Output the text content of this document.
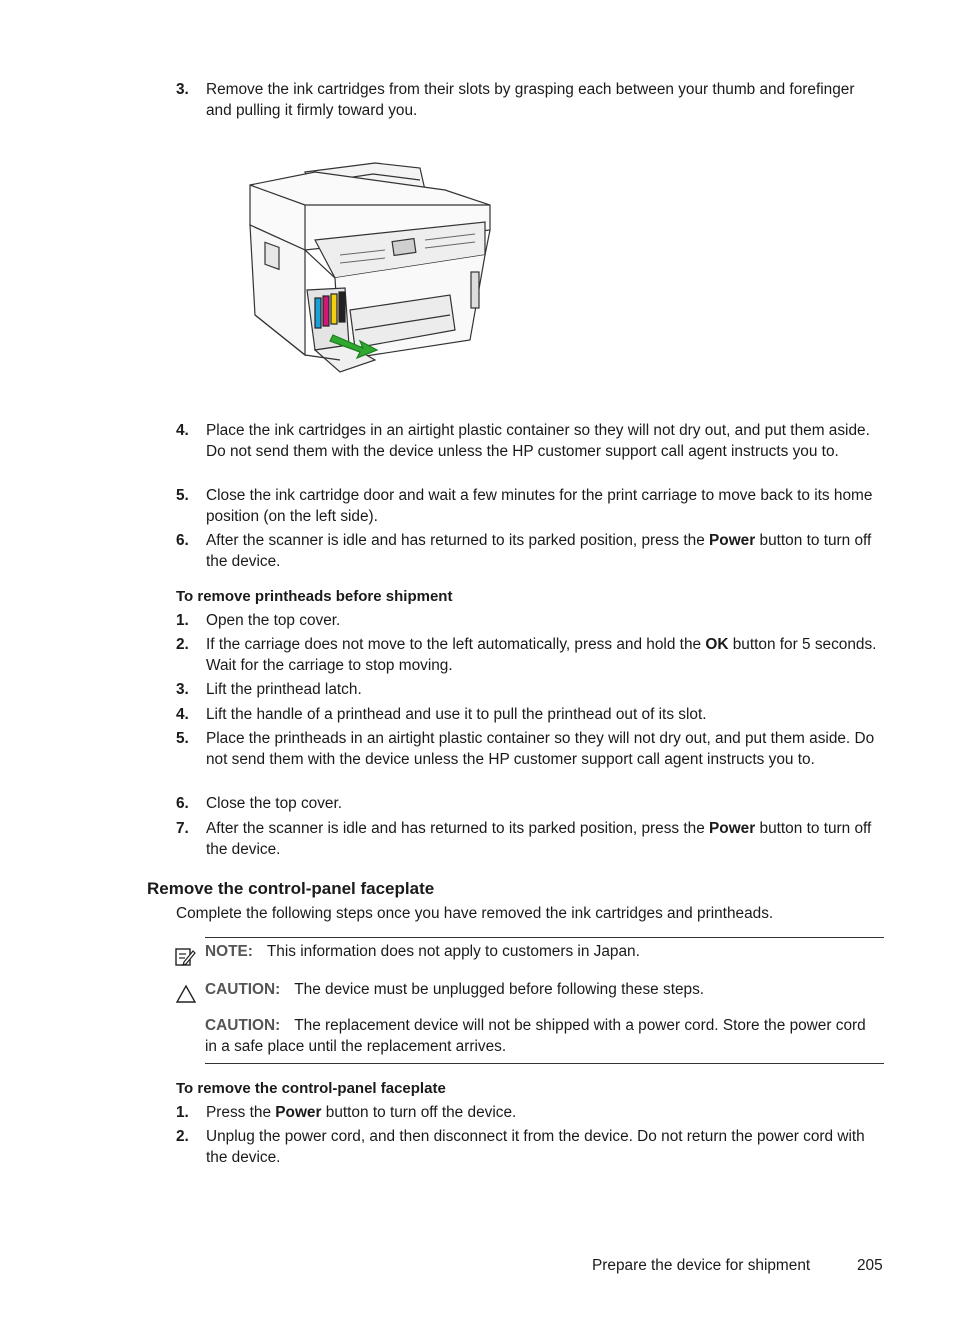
3. Remove the ink cartridges from their slots by grasping each between your thumb and forefinger and pulling it firmly toward you.
4. Place the ink cartridges in an airtight plastic container so they will not dry out, and put them aside. Do not send them with the device unless the HP customer support call agent instructs you to.
5. Close the ink cartridge door and wait a few minutes for the print carriage to move back to its home position (on the left side).
6. After the scanner is idle and has returned to its parked position, press the Power button to turn off the device.
To remove printheads before shipment
1. Open the top cover.
2. If the carriage does not move to the left automatically, press and hold the OK button for 5 seconds. Wait for the carriage to stop moving.
3. Lift the printhead latch.
4. Lift the handle of a printhead and use it to pull the printhead out of its slot.
5. Place the printheads in an airtight plastic container so they will not dry out, and put them aside. Do not send them with the device unless the HP customer support call agent instructs you to.
6. Close the top cover.
7. After the scanner is idle and has returned to its parked position, press the Power button to turn off the device.
Remove the control-panel faceplate
Complete the following steps once you have removed the ink cartridges and printheads.
NOTE: This information does not apply to customers in Japan.
CAUTION: The device must be unplugged before following these steps.
CAUTION: The replacement device will not be shipped with a power cord. Store the power cord in a safe place until the replacement arrives.
To remove the control-panel faceplate
1. Press the Power button to turn off the device.
2. Unplug the power cord, and then disconnect it from the device. Do not return the power cord with the device.
Prepare the device for shipment	205
